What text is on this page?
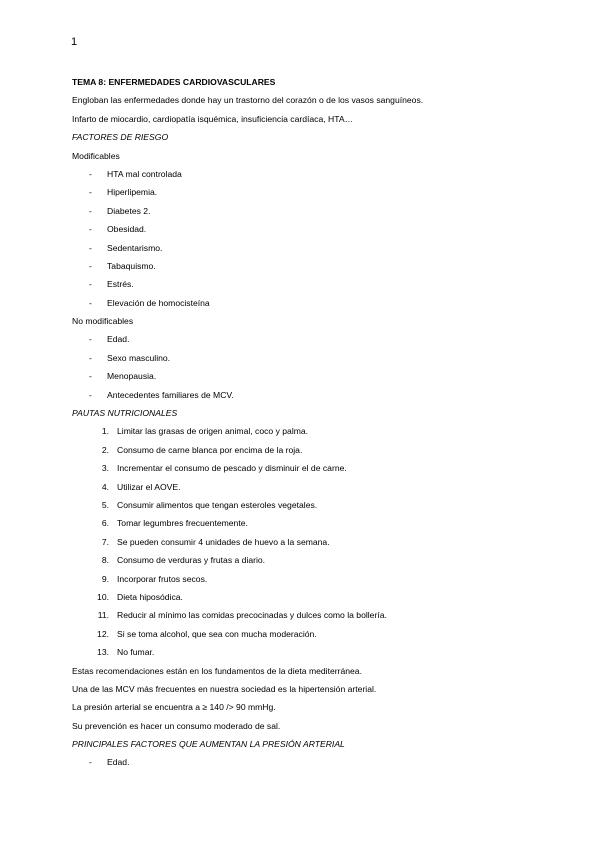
1
TEMA 8: ENFERMEDADES CARDIOVASCULARES
Engloban las enfermedades donde hay un trastorno del corazón o de los vasos sanguíneos.
Infarto de miocardio, cardiopatía isquémica, insuficiencia cardíaca, HTA…
FACTORES DE RIESGO
Modificables
-	HTA mal controlada
-	Hiperlipemia.
-	Diabetes 2.
-	Obesidad.
-	Sedentarismo.
-	Tabaquismo.
-	Estrés.
-	Elevación de homocisteína
No modificables
-	Edad.
-	Sexo masculino.
-	Menopausia.
-	Antecedentes familiares de MCV.
PAUTAS NUTRICIONALES
1. Limitar las grasas de origen animal, coco y palma.
2. Consumo de carne blanca por encima de la roja.
3. Incrementar el consumo de pescado y disminuir el de carne.
4. Utilizar el AOVE.
5. Consumir alimentos que tengan esteroles vegetales.
6. Tomar legumbres frecuentemente.
7. Se pueden consumir 4 unidades de huevo a la semana.
8. Consumo de verduras y frutas a diario.
9. Incorporar frutos secos.
10. Dieta hiposódica.
11. Reducir al mínimo las comidas precocinadas y dulces como la bollería.
12. Si se toma alcohol, que sea con mucha moderación.
13. No fumar.
Estas recomendaciones están en los fundamentos de la dieta mediterránea.
Una de las MCV más frecuentes en nuestra sociedad es la hipertensión arterial.
La presión arterial se encuentra a ≥ 140 /> 90 mmHg.
Su prevención es hacer un consumo moderado de sal.
PRINCIPALES FACTORES QUE AUMENTAN LA PRESIÓN ARTERIAL
-	Edad.
